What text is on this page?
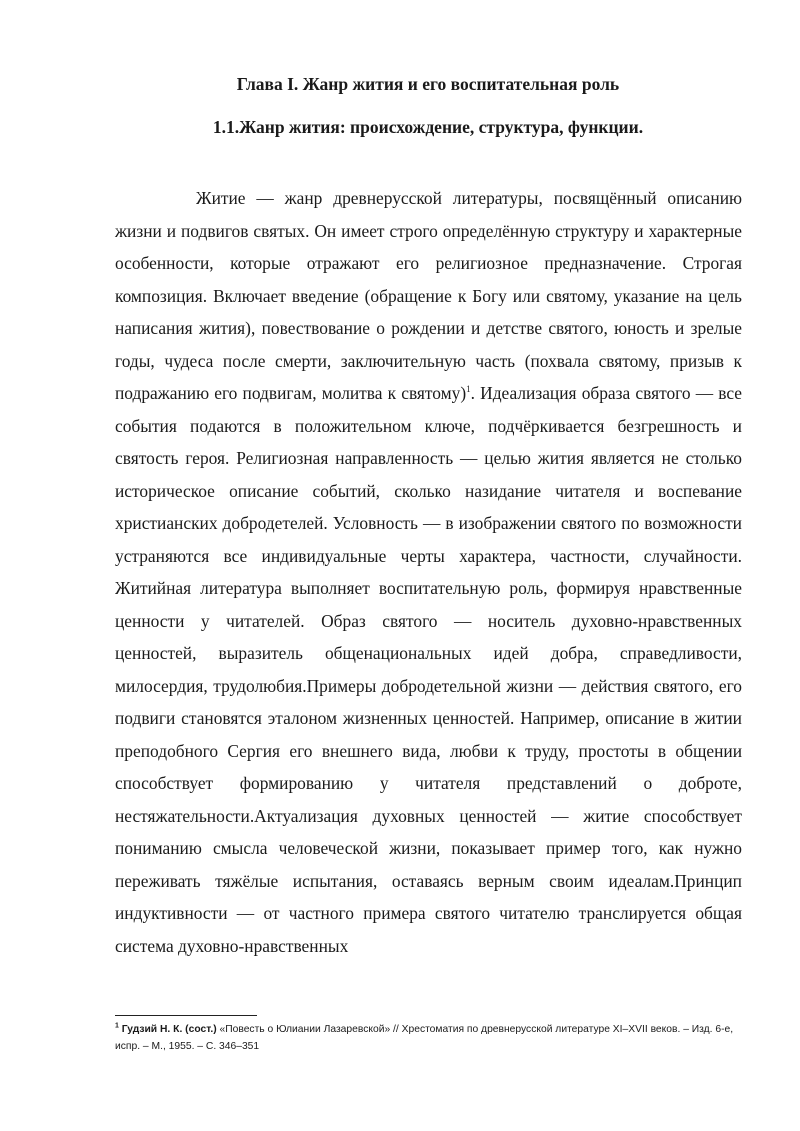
Глава I. Жанр жития и его воспитательная роль
1.1.Жанр жития: происхождение, структура, функции.

Житие — жанр древнерусской литературы, посвящённый описанию жизни и подвигов святых. Он имеет строго определённую структуру и характерные особенности, которые отражают его религиозное предназначение. Строгая композиция. Включает введение (обращение к Богу или святому, указание на цель написания жития), повествование о рождении и детстве святого, юность и зрелые годы, чудеса после смерти, заключительную часть (похвала святому, призыв к подражанию его подвигам, молитва к святому)$^1$. Идеализация образа святого — все события подаются в положительном ключе, подчёркивается безгрешность и святость героя. Религиозная направленность — целью жития является не столько историческое описание событий, сколько назидание читателя и воспевание христианских добродетелей. Условность — в изображении святого по возможности устраняются все индивидуальные черты характера, частности, случайности. Житийная литература выполняет воспитательную роль, формируя нравственные ценности у читателей. Образ святого — носитель духовно-нравственных ценностей, выразитель общенациональных идей добра, справедливости, милосердия, трудолюбия.Примеры добродетельной жизни — действия святого, его подвиги становятся эталоном жизненных ценностей. Например, описание в житии преподобного Сергия его внешнего вида, любви к труду, простоты в общении способствует формированию у читателя представлений о доброте, нестяжательности.Актуализация духовных ценностей — житие способствует пониманию смысла человеческой жизни, показывает пример того, как нужно переживать тяжёлые испытания, оставаясь верным своим идеалам.Принцип индуктивности — от частного примера святого читателю транслируется общая система духовно-нравственных

$^1$ Гудзий Н. К. (сост.) «Повесть о Юлиании Лазаревской» // Хрестоматия по древнерусской литературе XI–XVII веков. – Изд. 6-е, испр. – М., 1955. – С. 346–351
